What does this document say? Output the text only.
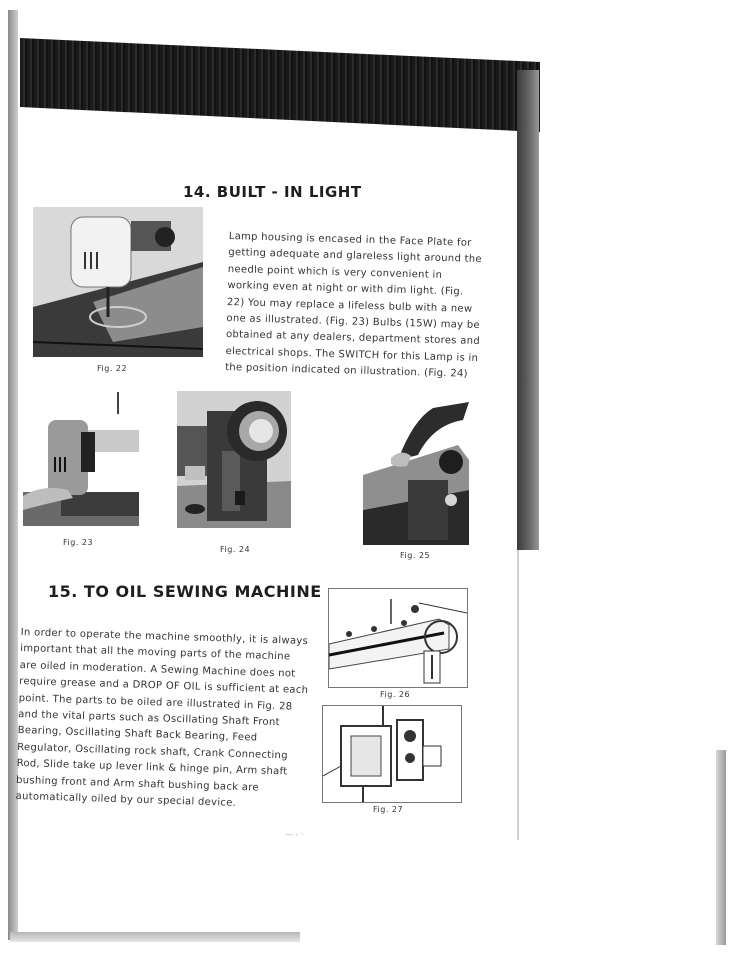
14. BUILT - IN LIGHT
Fig. 22

Lamp housing is encased in the Face Plate for getting adequate and glareless light around the needle point which is very convenient in working even at night or with dim light. (Fig. 22) You may replace a lifeless bulb with a new one as illustrated. (Fig. 23) Bulbs (15W) may be obtained at any dealers, department stores and electrical shops. The SWITCH for this Lamp is in the position indicated on illustration. (Fig. 24)

Fig. 23
Fig. 24
Fig. 25
15. TO OIL SEWING MACHINE

In order to operate the machine smoothly, it is always important that all the moving parts of the machine are oiled in moderation. A Sewing Machine does not require grease and a DROP OF OIL is sufficient at each point. The parts to be oiled are illustrated in Fig. 28 and the vital parts such as Oscillating Shaft Front Bearing, Oscillating Shaft Back Bearing, Feed Regulator, Oscillating rock shaft, Crank Connecting Rod, Slide take up lever link & hinge pin, Arm shaft bushing front and Arm shaft bushing back are automatically oiled by our special device.

Fig. 26
Fig. 27
— - ·
